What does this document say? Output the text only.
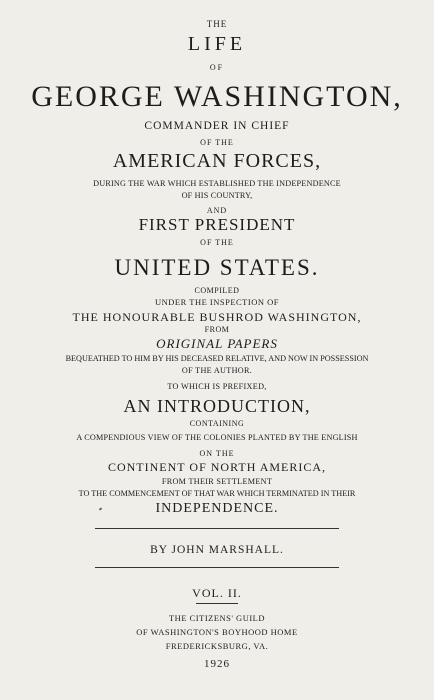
THE
LIFE
OF
GEORGE WASHINGTON,
COMMANDER IN CHIEF
OF THE
AMERICAN FORCES,
DURING THE WAR WHICH ESTABLISHED THE INDEPENDENCE
OF HIS COUNTRY,
AND
FIRST PRESIDENT
OF THE
UNITED STATES.
COMPILED
UNDER THE INSPECTION OF
THE HONOURABLE BUSHROD WASHINGTON,
FROM
ORIGINAL PAPERS
BEQUEATHED TO HIM BY HIS DECEASED RELATIVE, AND NOW IN POSSESSION
OF THE AUTHOR.
TO WHICH IS PREFIXED,
AN INTRODUCTION,
CONTAINING
A COMPENDIOUS VIEW OF THE COLONIES PLANTED BY THE ENGLISH
ON THE
CONTINENT OF NORTH AMERICA,
FROM THEIR SETTLEMENT
TO THE COMMENCEMENT OF THAT WAR WHICH TERMINATED IN THEIR
INDEPENDENCE.
BY JOHN MARSHALL.
VOL. II.
THE CITIZENS' GUILD
OF WASHINGTON'S BOYHOOD HOME
FREDERICKSBURG, VA.
1926
